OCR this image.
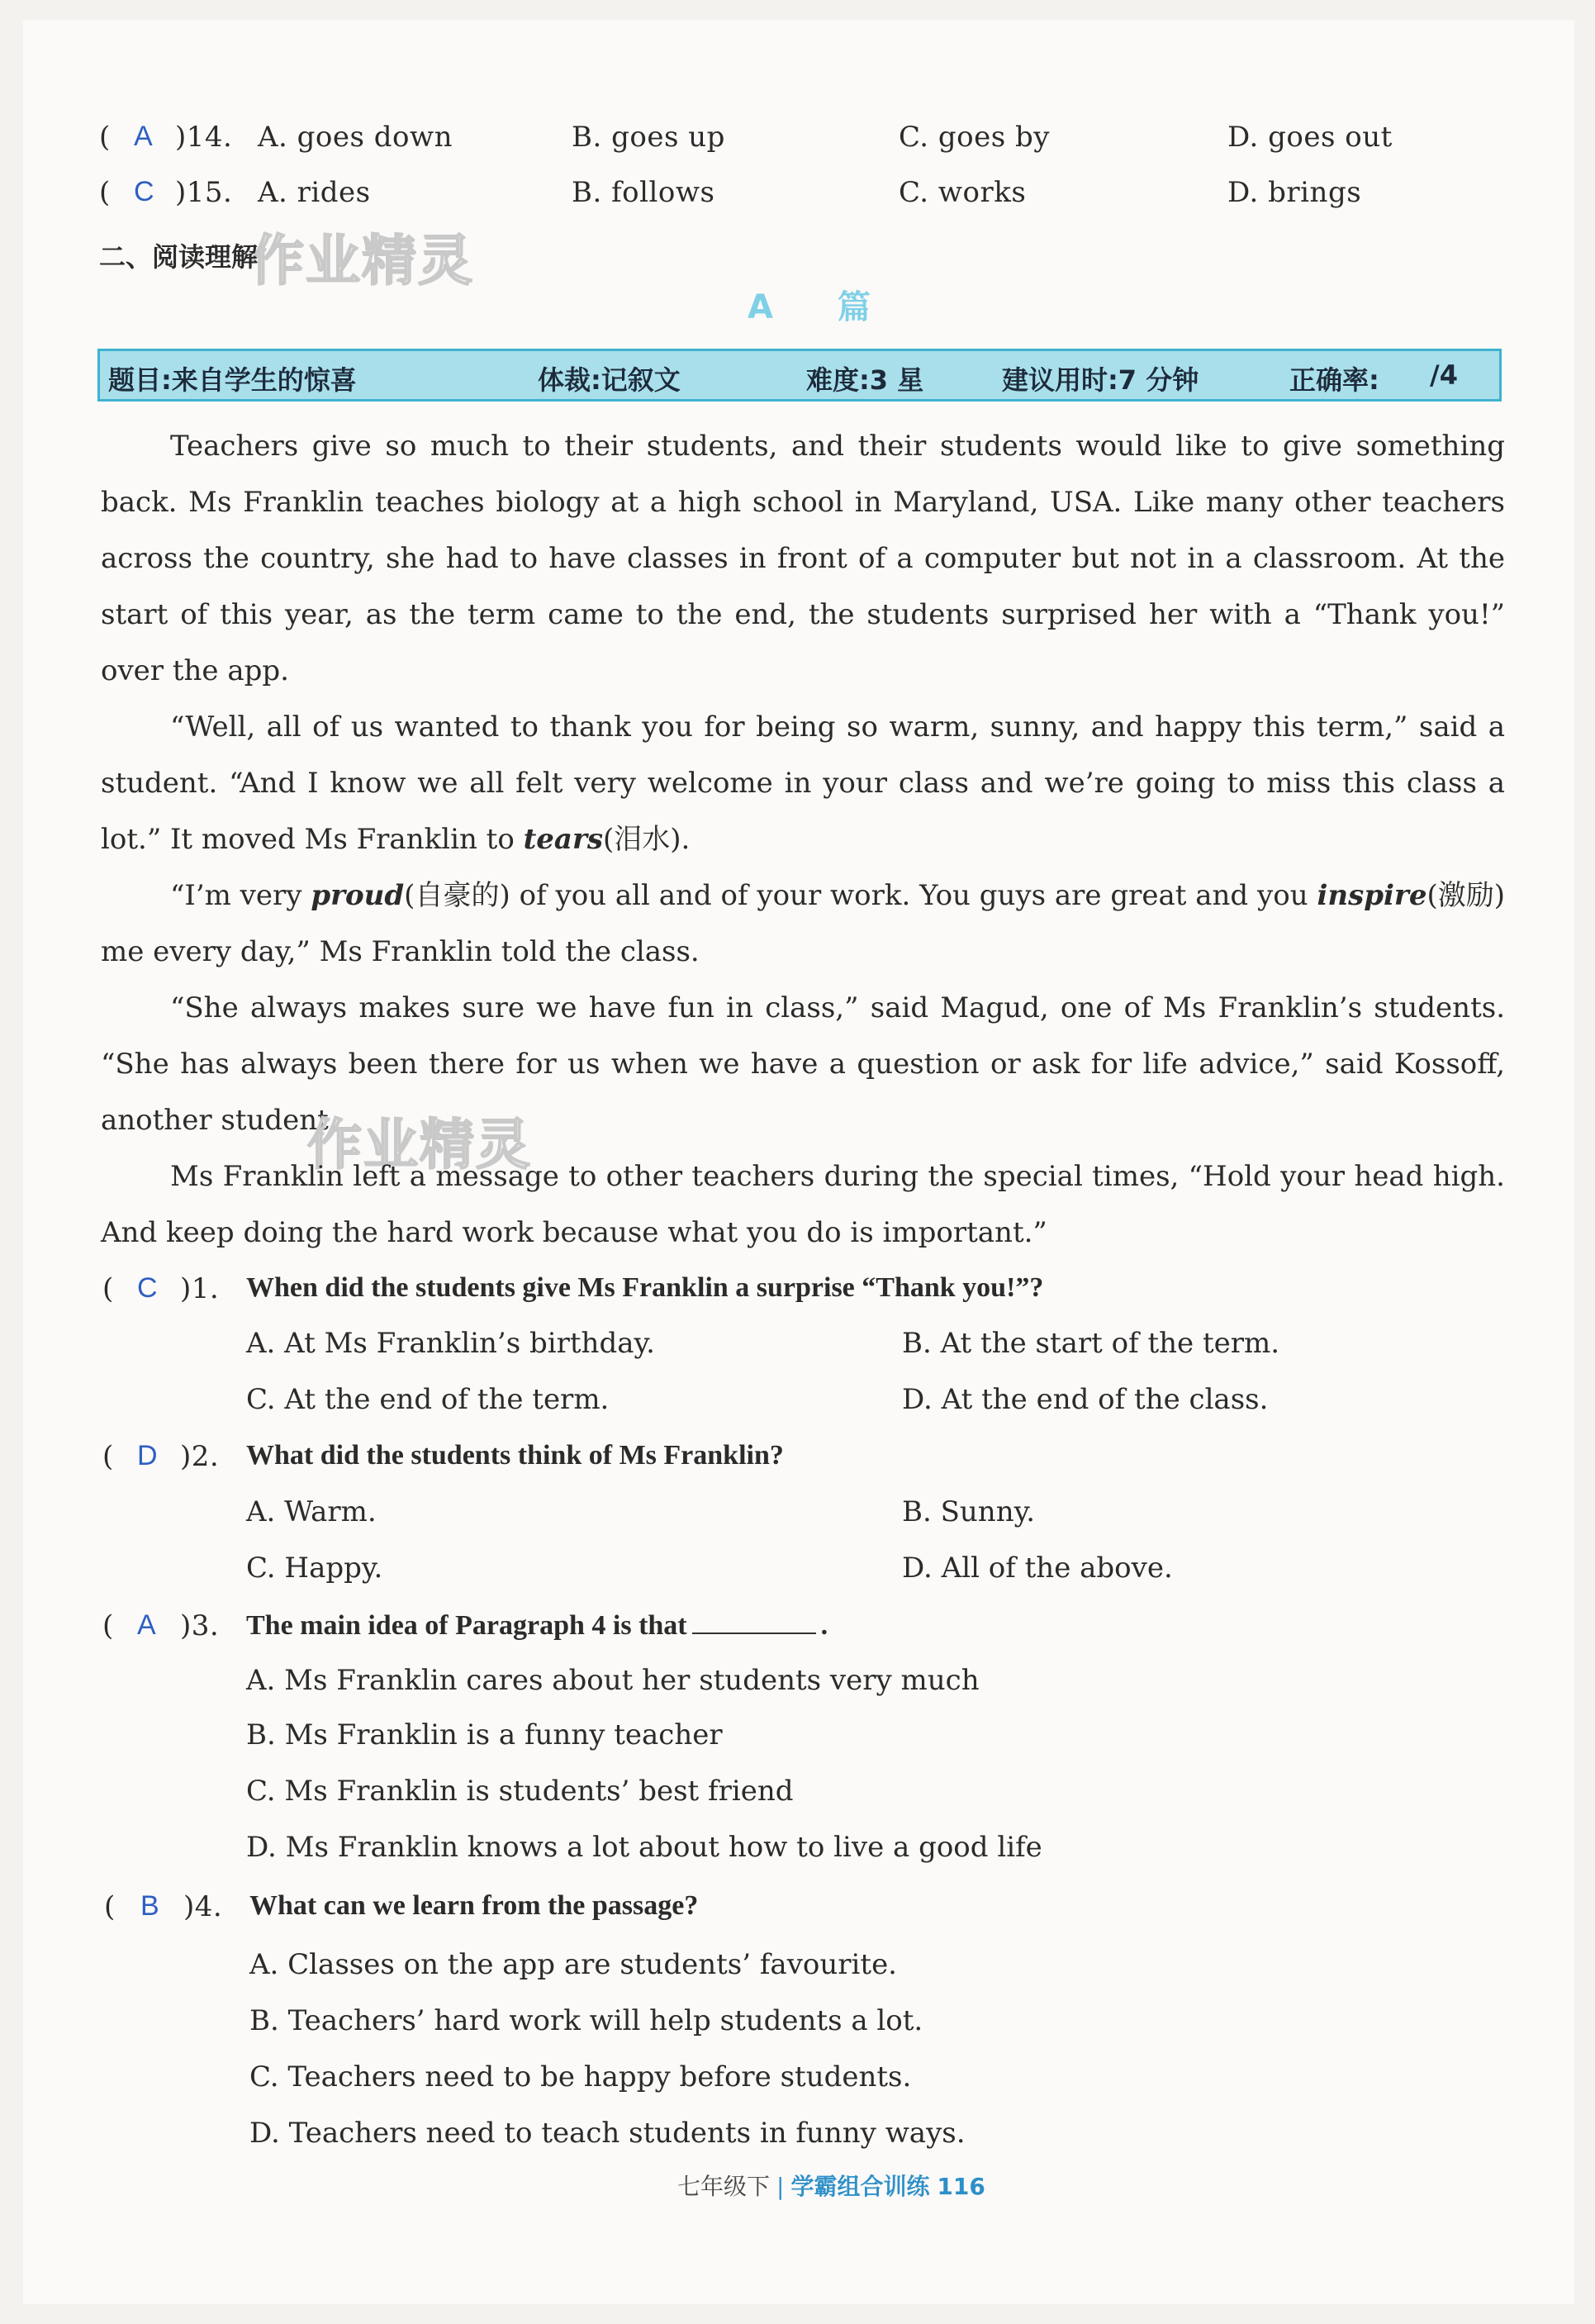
( A )14. A. goes down	B. goes up	C. goes by	D. goes out
( C )15. A. rides	B. follows	C. works	D. brings
作业精灵
二、阅读理解
A 篇
题目:来自学生的惊喜	体裁:记叙文	难度:3 星	建议用时:7 分钟	正确率: /4
Teachers give so much to their students, and their students would like to give something back. Ms Franklin teaches biology at a high school in Maryland, USA. Like many other teachers across the country, she had to have classes in front of a computer but not in a classroom. At the start of this year, as the term came to the end, the students surprised her with a “Thank you!” over the app.
“Well, all of us wanted to thank you for being so warm, sunny, and happy this term,” said a student. “And I know we all felt very welcome in your class and we’re going to miss this class a lot.” It moved Ms Franklin to tears(泪水).
“I’m very proud(自豪的) of you all and of your work. You guys are great and you inspire(激励) me every day,” Ms Franklin told the class.
“She always makes sure we have fun in class,” said Magud, one of Ms Franklin’s students. “She has always been there for us when we have a question or ask for life advice,” said Kossoff, another student.
作业精灵
Ms Franklin left a message to other teachers during the special times, “Hold your head high. And keep doing the hard work because what you do is important.”
( C )1. When did the students give Ms Franklin a surprise “Thank you!”?
A. At Ms Franklin’s birthday.	B. At the start of the term.
C. At the end of the term.	D. At the end of the class.
( D )2. What did the students think of Ms Franklin?
A. Warm.	B. Sunny.
C. Happy.	D. All of the above.
( A )3. The main idea of Paragraph 4 is that	.
A. Ms Franklin cares about her students very much
B. Ms Franklin is a funny teacher
C. Ms Franklin is students’ best friend
D. Ms Franklin knows a lot about how to live a good life
( B )4. What can we learn from the passage?
A. Classes on the app are students’ favourite.
B. Teachers’ hard work will help students a lot.
C. Teachers need to be happy before students.
D. Teachers need to teach students in funny ways.
七年级下 | 学霸组合训练 116
